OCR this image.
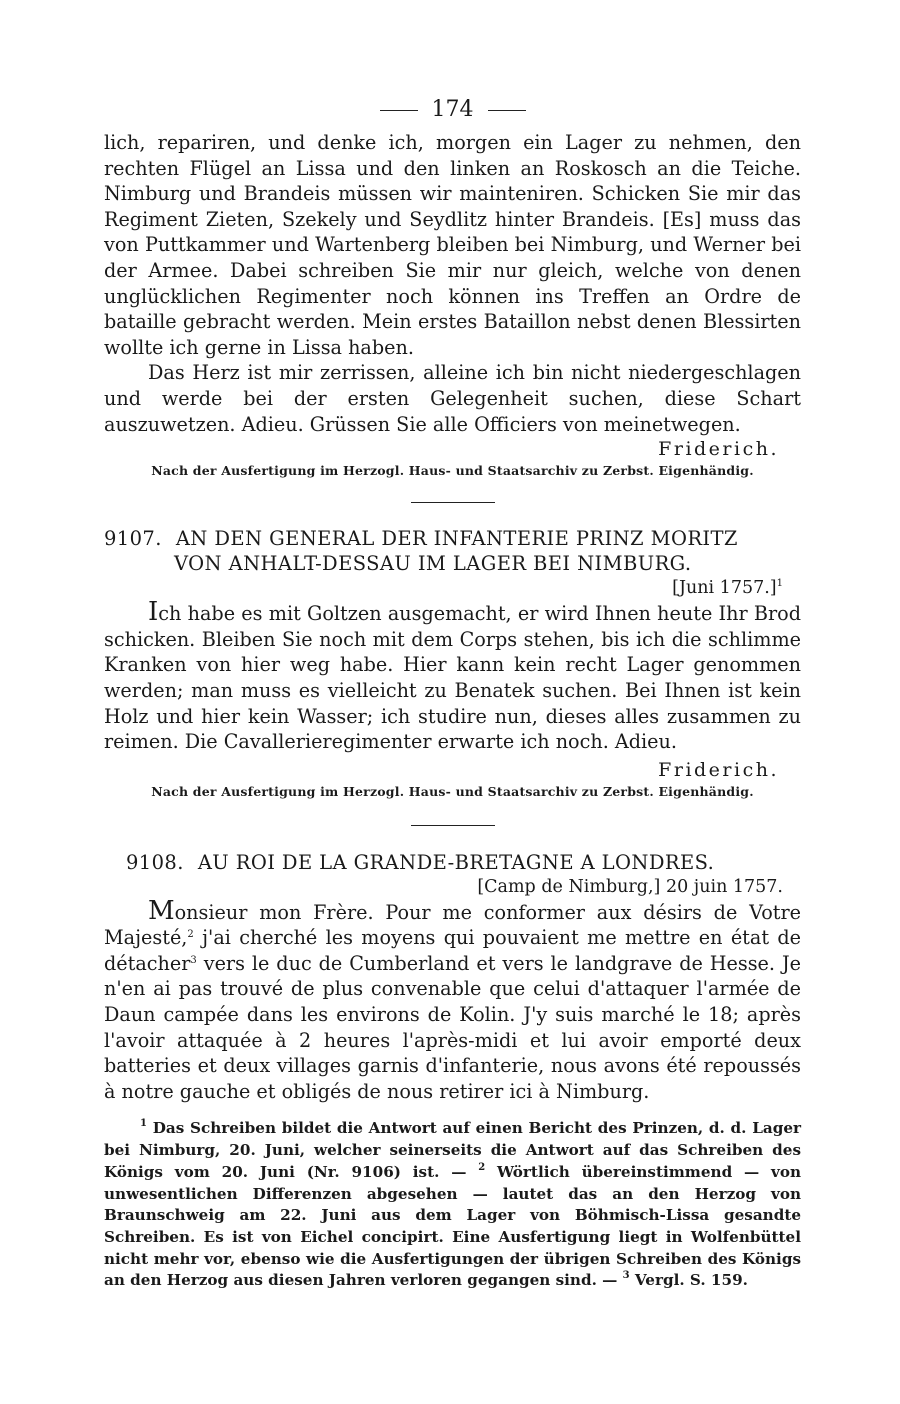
174

lich, repariren, und denke ich, morgen ein Lager zu nehmen, den rechten Flügel an Lissa und den linken an Roskosch an die Teiche. Nimburg und Brandeis müssen wir mainteniren. Schicken Sie mir das Regiment Zieten, Szekely und Seydlitz hinter Brandeis. [Es] muss das von Puttkammer und Wartenberg bleiben bei Nimburg, und Werner bei der Armee. Dabei schreiben Sie mir nur gleich, welche von denen unglücklichen Regimenter noch können ins Treffen an Ordre de bataille gebracht werden. Mein erstes Bataillon nebst denen Blessirten wollte ich gerne in Lissa haben.

Das Herz ist mir zerrissen, alleine ich bin nicht niedergeschlagen und werde bei der ersten Gelegenheit suchen, diese Schart auszuwetzen. Adieu. Grüssen Sie alle Officiers von meinetwegen.

Friderich.

Nach der Ausfertigung im Herzogl. Haus- und Staatsarchiv zu Zerbst. Eigenhändig.

9107. AN DEN GENERAL DER INFANTERIE PRINZ MORITZ

VON ANHALT-DESSAU IM LAGER BEI NIMBURG.

[Juni 1757.]$^1$

Ich habe es mit Goltzen ausgemacht, er wird Ihnen heute Ihr Brod schicken. Bleiben Sie noch mit dem Corps stehen, bis ich die schlimme Kranken von hier weg habe. Hier kann kein recht Lager genommen werden; man muss es vielleicht zu Benatek suchen. Bei Ihnen ist kein Holz und hier kein Wasser; ich studire nun, dieses alles zusammen zu reimen. Die Cavallerieregimenter erwarte ich noch. Adieu.

Friderich.

Nach der Ausfertigung im Herzogl. Haus- und Staatsarchiv zu Zerbst. Eigenhändig.

9108. AU ROI DE LA GRANDE-BRETAGNE A LONDRES.

[Camp de Nimburg,] 20 juin 1757.

Monsieur mon Frère. Pour me conformer aux désirs de Votre Majesté,$^2$ j'ai cherché les moyens qui pouvaient me mettre en état de détacher$^3$ vers le duc de Cumberland et vers le landgrave de Hesse. Je n'en ai pas trouvé de plus convenable que celui d'attaquer l'armée de Daun campée dans les environs de Kolin. J'y suis marché le 18; après l'avoir attaquée à 2 heures l'après-midi et lui avoir emporté deux batteries et deux villages garnis d'infanterie, nous avons été repoussés à notre gauche et obligés de nous retirer ici à Nimburg.

$^1$ Das Schreiben bildet die Antwort auf einen Bericht des Prinzen, d. d. Lager bei Nimburg, 20. Juni, welcher seinerseits die Antwort auf das Schreiben des Königs vom 20. Juni (Nr. 9106) ist. — $^2$ Wörtlich übereinstimmend — von unwesentlichen Differenzen abgesehen — lautet das an den Herzog von Braunschweig am 22. Juni aus dem Lager von Böhmisch-Lissa gesandte Schreiben. Es ist von Eichel concipirt. Eine Ausfertigung liegt in Wolfenbüttel nicht mehr vor, ebenso wie die Ausfertigungen der übrigen Schreiben des Königs an den Herzog aus diesen Jahren verloren gegangen sind. — $^3$ Vergl. S. 159.
